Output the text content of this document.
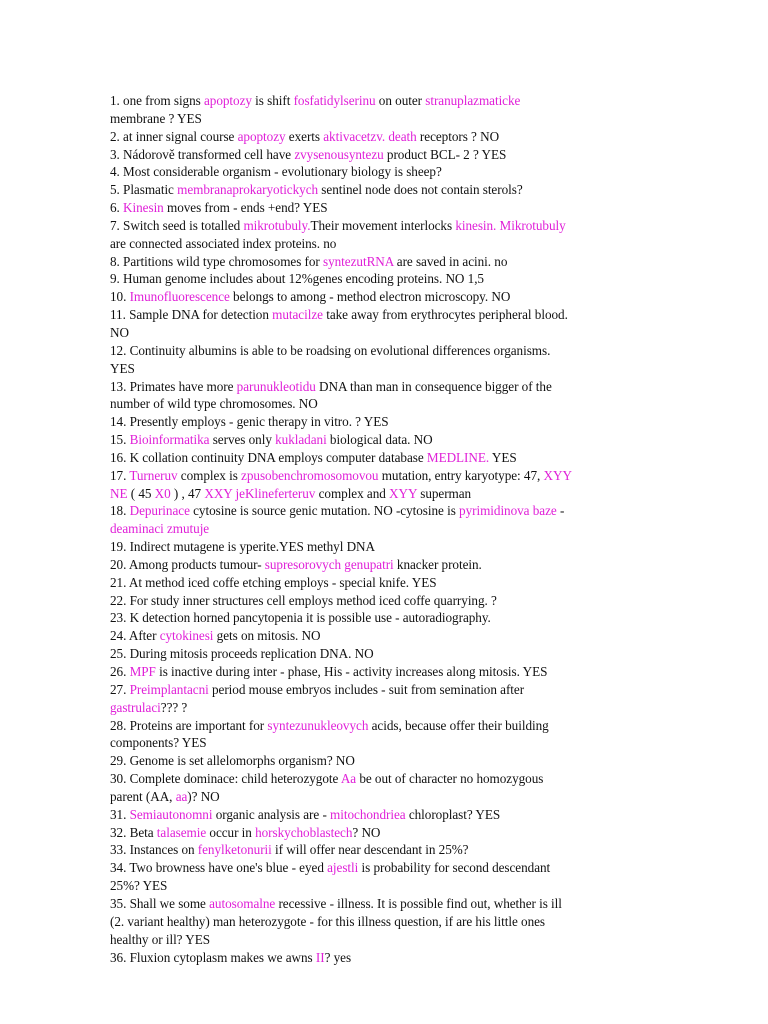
1. one from signs apoptozy is shift fosfatidylserinu on outer stranuplazmaticke
membrane ? YES
2. at inner signal course apoptozy exerts aktivacetzv. death receptors ? NO
3. Nádorově transformed cell have zvysenousyntezu product BCL- 2 ? YES
4. Most considerable organism - evolutionary biology is sheep?
5. Plasmatic membranaprokaryotickych sentinel node does not contain sterols?
6. Kinesin moves from - ends +end? YES
7. Switch seed is totalled mikrotubuly.Their movement interlocks kinesin. Mikrotubuly
are connected associated index proteins. no
8. Partitions wild type chromosomes for syntezutRNA are saved in acini. no
9. Human genome includes about 12%genes encoding proteins. NO 1,5
10. Imunofluorescence belongs to among - method electron microscopy. NO
11. Sample DNA for detection mutacilze take away from erythrocytes peripheral blood.
NO
12. Continuity albumins is able to be roadsing on evolutional differences organisms.
YES
13. Primates have more parunukleotidu DNA than man in consequence bigger of the
number of wild type chromosomes. NO
14. Presently employs - genic therapy in vitro. ? YES
15. Bioinformatika serves only kukladani biological data. NO
16. K collation continuity DNA employs computer database MEDLINE. YES
17. Turneruv complex is zpusobenchromosomovou mutation, entry karyotype: 47, XYY
NE ( 45 X0 ) , 47 XXY jeKlineferteruv complex and XYY superman
18. Depurinace cytosine is source genic mutation. NO -cytosine is pyrimidinova baze -
deaminaci zmutuje
19. Indirect mutagene is yperite.YES methyl DNA
20. Among products tumour- supresorovych genupatri knacker protein.
21. At method iced coffe etching employs - special knife. YES
22. For study inner structures cell employs method iced coffe quarrying. ?
23. K detection horned pancytopenia it is possible use - autoradiography.
24. After cytokinesi gets on mitosis. NO
25. During mitosis proceeds replication DNA. NO
26. MPF is inactive during inter - phase, His - activity increases along mitosis. YES
27. Preimplantacni period mouse embryos includes - suit from semination after
gastrulaci??? ?
28. Proteins are important for syntezunukleovych acids, because offer their building
components? YES
29. Genome is set allelomorphs organism? NO
30. Complete dominace: child heterozygote Aa be out of character no homozygous
parent (AA, aa)? NO
31. Semiautonomni organic analysis are - mitochondriea chloroplast? YES
32. Beta talasemie occur in horskychoblastech? NO
33. Instances on fenylketonurii if will offer near descendant in 25%?
34. Two browness have one's blue - eyed ajestli is probability for second descendant
25%? YES
35. Shall we some autosomalne recessive - illness. It is possible find out, whether is ill
(2. variant healthy) man heterozygote - for this illness question, if are his little ones
healthy or ill? YES
36. Fluxion cytoplasm makes we awns II? yes
